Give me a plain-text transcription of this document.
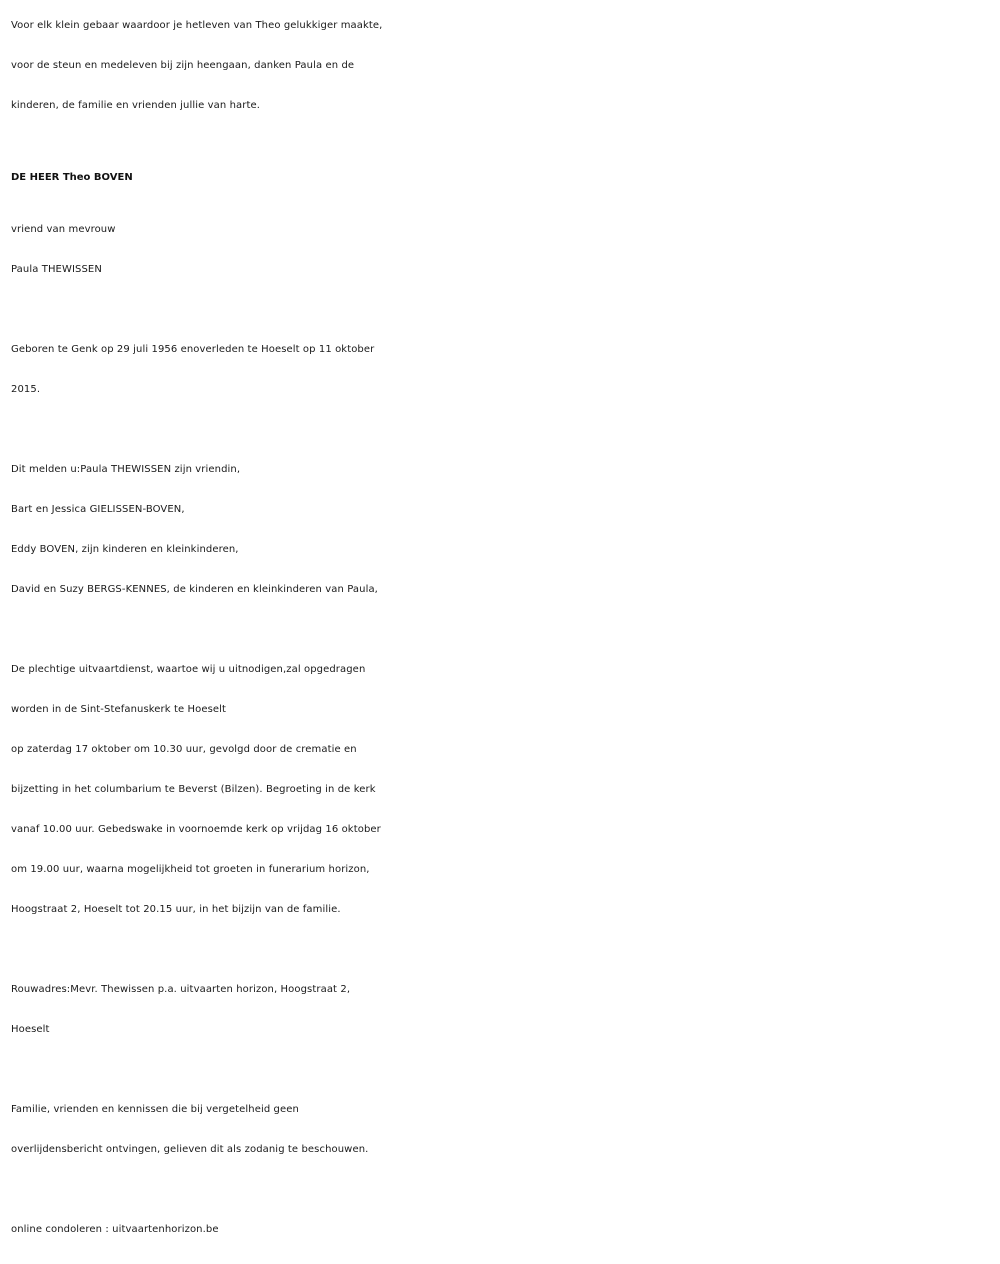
Voor elk klein gebaar waardoor je hetleven van Theo gelukkiger maakte,
voor de steun en medeleven bij zijn heengaan, danken Paula en de
kinderen, de familie en vrienden jullie van harte.
DE HEER Theo BOVEN
vriend van mevrouw
Paula THEWISSEN
Geboren te Genk op 29 juli 1956 enoverleden te Hoeselt op 11 oktober
2015.
Dit melden u:Paula THEWISSEN zijn vriendin,
Bart en Jessica GIELISSEN-BOVEN,
Eddy BOVEN, zijn kinderen en kleinkinderen,
David en Suzy BERGS-KENNES, de kinderen en kleinkinderen van Paula,
De plechtige uitvaartdienst, waartoe wij u uitnodigen,zal opgedragen
worden in de Sint-Stefanuskerk te Hoeselt
op zaterdag 17 oktober om 10.30 uur, gevolgd door de crematie en
bijzetting in het columbarium te Beverst (Bilzen). Begroeting in de kerk
vanaf 10.00 uur. Gebedswake in voornoemde kerk op vrijdag 16 oktober
om 19.00 uur, waarna mogelijkheid tot groeten in funerarium horizon,
Hoogstraat 2, Hoeselt tot 20.15 uur, in het bijzijn van de familie.
Rouwadres:Mevr. Thewissen p.a. uitvaarten horizon, Hoogstraat 2,
Hoeselt
Familie, vrienden en kennissen die bij vergetelheid geen
overlijdensbericht ontvingen, gelieven dit als zodanig te beschouwen.
online condoleren : uitvaartenhorizon.be
